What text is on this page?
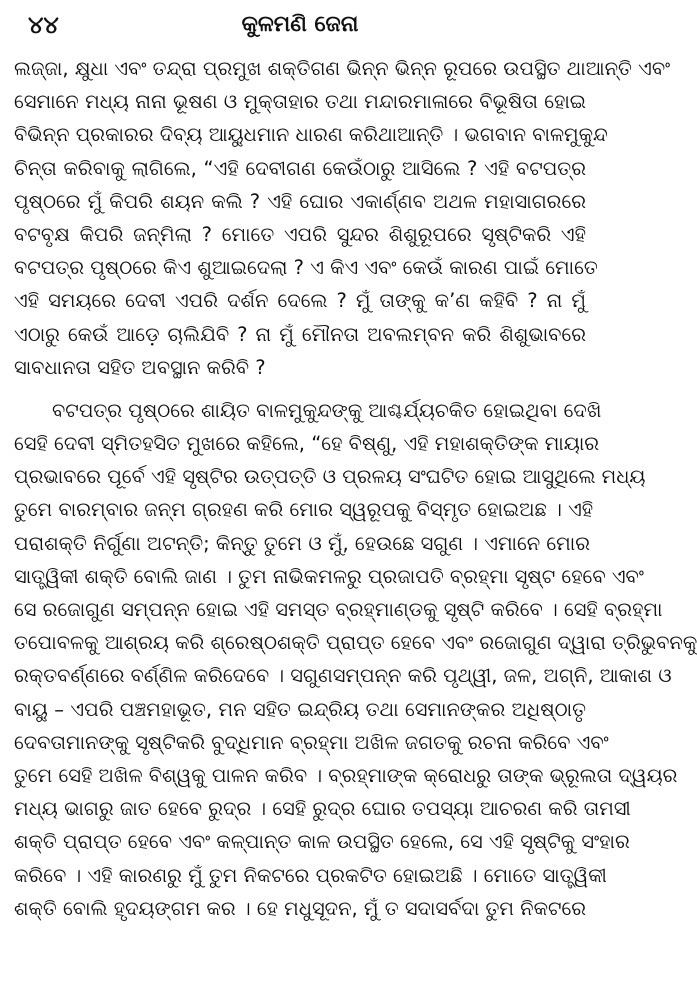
୪୪	କୁଳମଣି ଜେନା
ଲଜ୍ଜା, କ୍ଷୁଧା ଏବଂ ତନ୍ଦ୍ରା ପ୍ରମୁଖ ଶକ୍ତିଗଣ ଭିନ୍ନ ଭିନ୍ନ ରୂପରେ ଉପସ୍ଥିତ ଥାଆନ୍ତି ଏବଂ
ସେମାନେ ମଧ୍ୟ ନାନା ଭୂଷଣ ଓ ମୁକ୍ତାହାର ତଥା ମନ୍ଦାରମାଳାରେ ବିଭୂଷିତା ହୋଇ
ବିଭିନ୍ନ ପ୍ରକାରର ଦିବ୍ୟ ଆୟୁଧମାନ ଧାରଣ କରିଥାଆନ୍ତି । ଭଗବାନ ବାଳମୁକୁନ୍ଦ
ଚିନ୍ତା କରିବାକୁ ଲାଗିଲେ, “ଏହି ଦେବୀଗଣ କେଉଁଠାରୁ ଆସିଲେ ? ଏହି ବଟପତ୍ର
ପୃଷ୍ଠରେ ମୁଁ କିପରି ଶୟନ କଲି ? ଏହି ଘୋର ଏକାର୍ଣ୍ଣବ ଅଥଳ ମହାସାଗରରେ
ବଟବୃକ୍ଷ କିପରି ଜନ୍ମିଲା ? ମୋତେ ଏପରି ସୁନ୍ଦର ଶିଶୁରୂପରେ ସୃଷ୍ଟିକରି ଏହି
ବଟପତ୍ର ପୃଷ୍ଠରେ କିଏ ଶୁଆଇଦେଲା ? ଏ କିଏ ଏବଂ କେଉଁ କାରଣ ପାଇଁ ମୋତେ
ଏହି ସମୟରେ ଦେବୀ ଏପରି ଦର୍ଶନ ଦେଲେ ? ମୁଁ ତାଙ୍କୁ କ’ଣ କହିବି ? ନା ମୁଁ
ଏଠାରୁ କେଉଁ ଆଡ଼େ ଚାଲିଯିବି ? ନା ମୁଁ ମୌନତା ଅବଲମ୍ବନ କରି ଶିଶୁଭାବରେ
ସାବଧାନତା ସହିତ ଅବସ୍ଥାନ କରିବି ?
ବଟପତ୍ର ପୃଷ୍ଠରେ ଶାୟିତ ବାଳମୁକୁନ୍ଦଙ୍କୁ ଆଶ୍ଚର୍ଯ୍ୟଚକିତ ହୋଇଥିବା ଦେଖି
ସେହି ଦେବୀ ସ୍ମିତହସିତ ମୁଖରେ କହିଲେ, “ହେ ବିଷ୍ଣୁ, ଏହି ମହାଶକ୍ତିଙ୍କ ମାୟାର
ପ୍ରଭାବରେ ପୂର୍ବେ ଏହି ସୃଷ୍ଟିର ଉତ୍ପତ୍ତି ଓ ପ୍ରଳୟ ସଂଘଟିତ ହୋଇ ଆସୁଥିଲେ ମଧ୍ୟ
ତୁମେ ବାରମ୍ବାର ଜନ୍ମ ଗ୍ରହଣ କରି ମୋର ସ୍ୱରୂପକୁ ବିସ୍ମୃତ ହୋଇଅଛ । ଏହି
ପରାଶକ୍ତି ନିର୍ଗୁଣା ଅଟନ୍ତି; କିନ୍ତୁ ତୁମେ ଓ ମୁଁ, ହେଉଛେ ସଗୁଣ । ଏମାନେ ମୋର
ସାତ୍ତ୍ୱିକୀ ଶକ୍ତି ବୋଲି ଜାଣ । ତୁମ ନାଭିକମଳରୁ ପ୍ରଜାପତି ବ୍ରହ୍ମା ସୃଷ୍ଟ ହେବେ ଏବଂ
ସେ ରଜୋଗୁଣ ସମ୍ପନ୍ନ ହୋଇ ଏହି ସମସ୍ତ ବ୍ରହ୍ମାଣ୍ଡକୁ ସୃଷ୍ଟି କରିବେ । ସେହି ବ୍ରହ୍ମା
ତପୋବଳକୁ ଆଶ୍ରୟ କରି ଶ୍ରେଷ୍ଠଶକ୍ତି ପ୍ରାପ୍ତ ହେବେ ଏବଂ ରଜୋଗୁଣ ଦ୍ୱାରା ତ୍ରିଭୁବନକୁ
ରକ୍ତବର୍ଣ୍ଣରେ ବର୍ଣ୍ଣିଳ କରିଦେବେ । ସଗୁଣସମ୍ପନ୍ନ କରି ପୃଥ୍ୱୀ, ଜଳ, ଅଗ୍ନି, ଆକାଶ ଓ
ବାୟୁ – ଏପରି ପଞ୍ଚମହାଭୂତ, ମନ ସହିତ ଇନ୍ଦ୍ରିୟ ତଥା ସେମାନଙ୍କର ଅଧିଷ୍ଠାତୃ
ଦେବତାମାନଙ୍କୁ ସୃଷ୍ଟିକରି ବୁଦ୍ଧିମାନ ବ୍ରହ୍ମା ଅଖିଳ ଜଗତକୁ ରଚନା କରିବେ ଏବଂ
ତୁମେ ସେହି ଅଖିଳ ବିଶ୍ୱକୁ ପାଳନ କରିବ । ବ୍ରହ୍ମାଙ୍କ କ୍ରୋଧରୁ ତାଙ୍କ ଭ୍ରୂଲତା ଦ୍ୱୟର
ମଧ୍ୟ ଭାଗରୁ ଜାତ ହେବେ ରୁଦ୍ର । ସେହି ରୁଦ୍ର ଘୋର ତପସ୍ୟା ଆଚରଣ କରି ତାମସୀ
ଶକ୍ତି ପ୍ରାପ୍ତ ହେବେ ଏବଂ କଳ୍ପାନ୍ତ କାଳ ଉପସ୍ଥିତ ହେଲେ, ସେ ଏହି ସୃଷ୍ଟିକୁ ସଂହାର
କରିବେ । ଏହି କାରଣରୁ ମୁଁ ତୁମ ନିକଟରେ ପ୍ରକଟିତ ହୋଇଅଛି । ମୋତେ ସାତ୍ତ୍ୱିକୀ
ଶକ୍ତି ବୋଲି ହୃଦୟଙ୍ଗମ କର । ହେ ମଧୁସୂଦନ, ମୁଁ ତ ସଦାସର୍ବଦା ତୁମ ନିକଟରେ
